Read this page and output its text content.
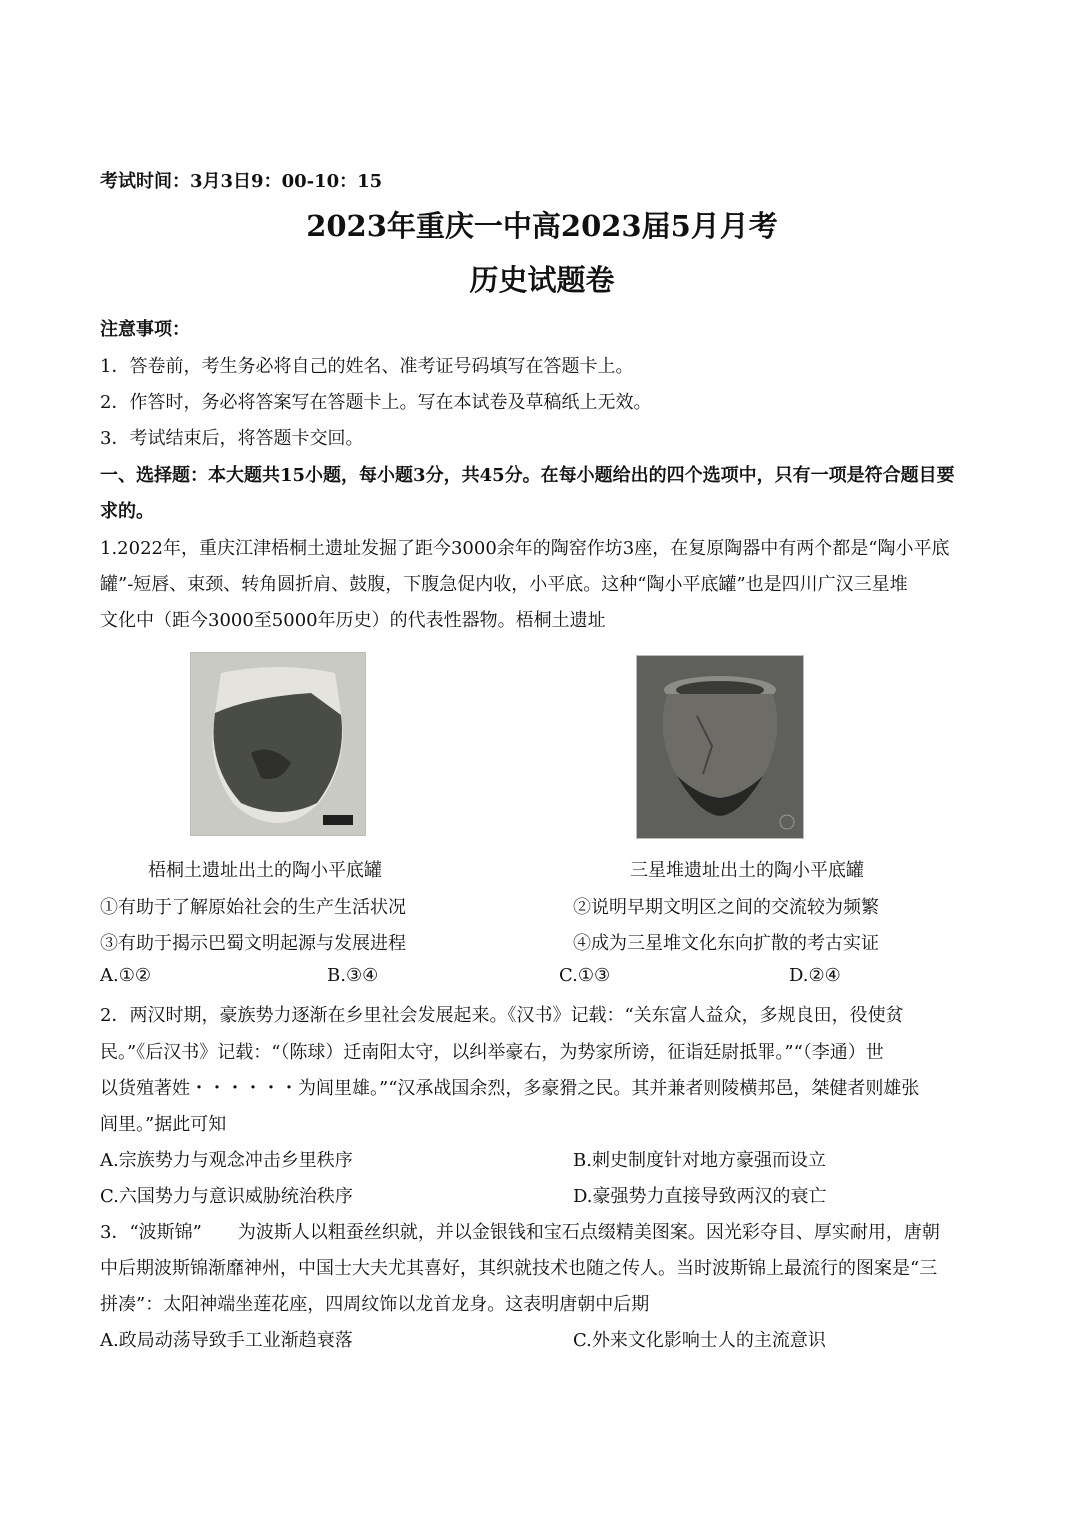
考试时间：3月3日9：00-10：15
2023年重庆一中高2023届5月月考
历史试题卷
注意事项：
1．答卷前，考生务必将自己的姓名、准考证号码填写在答题卡上。
2．作答时，务必将答案写在答题卡上。写在本试卷及草稿纸上无效。
3．考试结束后，将答题卡交回。
一、选择题：本大题共15小题，每小题3分，共45分。在每小题给出的四个选项中，只有一项是符合题目要
求的。
1.2022年，重庆江津梧桐土遗址发掘了距今3000余年的陶窑作坊3座，在复原陶器中有两个都是“陶小平底
罐”-短唇、束颈、转角圆折肩、鼓腹，下腹急促内收，小平底。这种“陶小平底罐”也是四川广汉三星堆
文化中（距今3000至5000年历史）的代表性器物。梧桐土遗址
梧桐土遗址出土的陶小平底罐	三星堆遗址出土的陶小平底罐
①有助于了解原始社会的生产生活状况	②说明早期文明区之间的交流较为频繁
③有助于揭示巴蜀文明起源与发展进程	④成为三星堆文化东向扩散的考古实证
A.①②	B.③④	C.①③	D.②④
2．两汉时期，豪族势力逐渐在乡里社会发展起来。《汉书》记载：“关东富人益众，多规良田，役使贫
民。”《后汉书》记载：“（陈球）迁南阳太守，以纠举豪右，为势家所谤，征诣廷尉抵罪。”“（李通）世
以货殖著姓・・・・・・为闾里雄。”“汉承战国余烈，多豪猾之民。其并兼者则陵横邦邑，桀健者则雄张
闾里。”据此可知
A.宗族势力与观念冲击乡里秩序	B.刺史制度针对地方豪强而设立
C.六国势力与意识威胁统治秩序	D.豪强势力直接导致两汉的衰亡
3．“波斯锦”　　为波斯人以粗蚕丝织就，并以金银钱和宝石点缀精美图案。因光彩夺目、厚实耐用，唐朝
中后期波斯锦渐靡神州，中国士大夫尤其喜好，其织就技术也随之传人。当时波斯锦上最流行的图案是“三
拼凑”：太阳神端坐莲花座，四周纹饰以龙首龙身。这表明唐朝中后期
A.政局动荡导致手工业渐趋衰落	C.外来文化影响士人的主流意识
